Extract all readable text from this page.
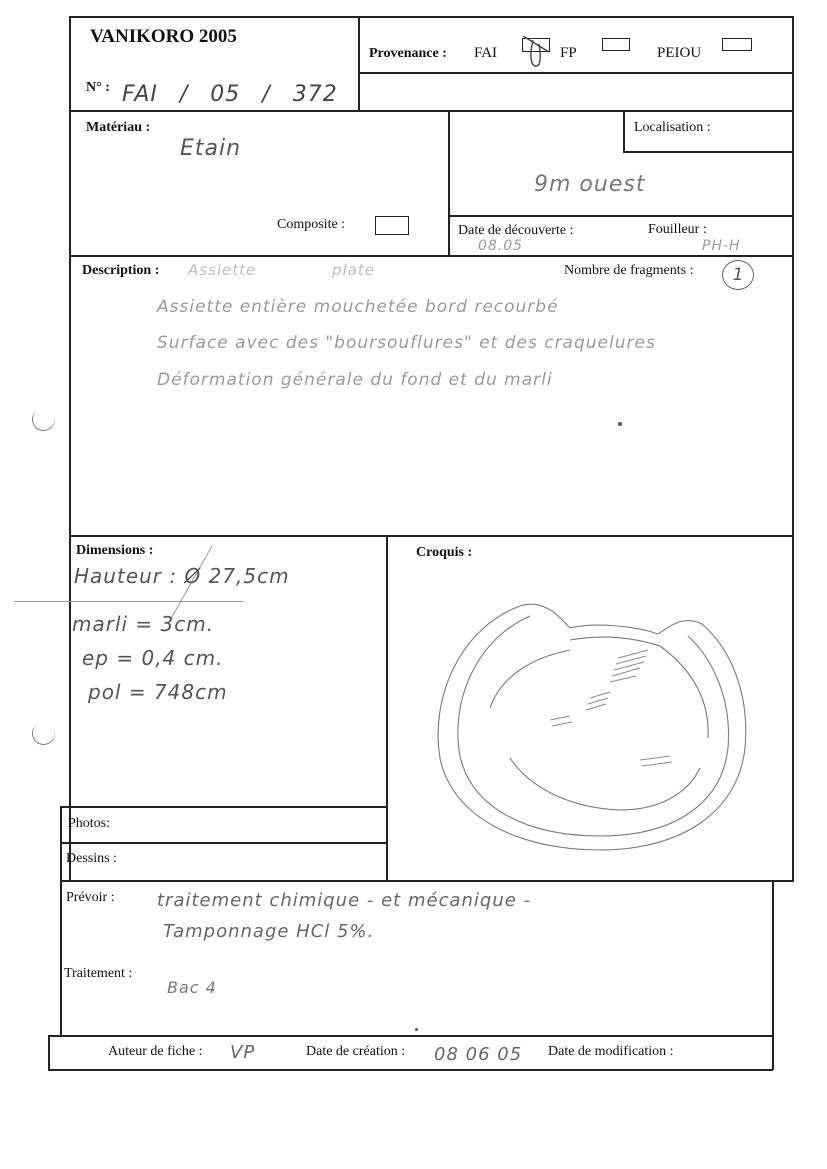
VANIKORO 2005
Provenance : FAI	FP	PEIOU
N° : FAI / 05 / 372
Matériau :
Etain
Composite :
Localisation :
9m ouest
Date de découverte :
08.05
Fouilleur :
PH-H
Description : Assiette plate	Nombre de fragments :	1
Assiette entière mouchetée bord recourbé
Surface avec des "boursouflures" et des craquelures
Déformation générale du fond et du marli
Dimensions :
Hauteur : Ø 27,5cm
marli = 3cm.
ep = 0,4 cm.
pol = 748cm
Croquis :
Photos:
Dessins :
Prévoir : traitement chimique - et mécanique -
Tamponnage HCl 5%.
Traitement :
Bac 4
Auteur de fiche : VP	Date de création : 08 06 05 Date de modification :
